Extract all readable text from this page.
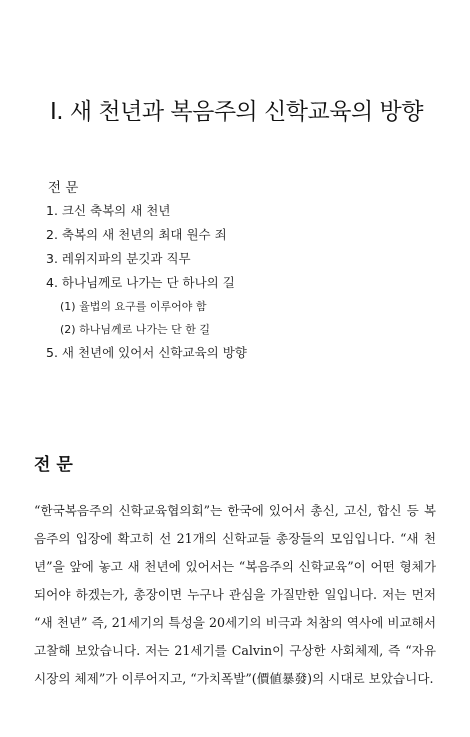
Ⅰ. 새 천년과 복음주의 신학교육의 방향
전 문
1. 크신 축복의 새 천년
2. 축복의 새 천년의 최대 원수 죄
3. 레위지파의 분깃과 직무
4. 하나님께로 나가는 단 하나의 길
(1) 율법의 요구를 이루어야 함
(2) 하나님께로 나가는 단 한 길
5. 새 천년에 있어서 신학교육의 방향
전 문

“한국복음주의 신학교육협의회”는 한국에 있어서 총신, 고신, 합신 등 복음주의 입장에 확고히 선 21개의 신학교들 총장들의 모임입니다. “새 천년”을 앞에 놓고 새 천년에 있어서는 “복음주의 신학교육”이 어떤 형체가 되어야 하겠는가, 총장이면 누구나 관심을 가질만한 일입니다. 저는 먼저 “새 천년” 즉, 21세기의 특성을 20세기의 비극과 처참의 역사에 비교해서 고찰해 보았습니다. 저는 21세기를 Calvin이 구상한 사회체제, 즉 “자유시장의 체제”가 이루어지고, “가치폭발”(價値暴發)의 시대로 보았습니다.
